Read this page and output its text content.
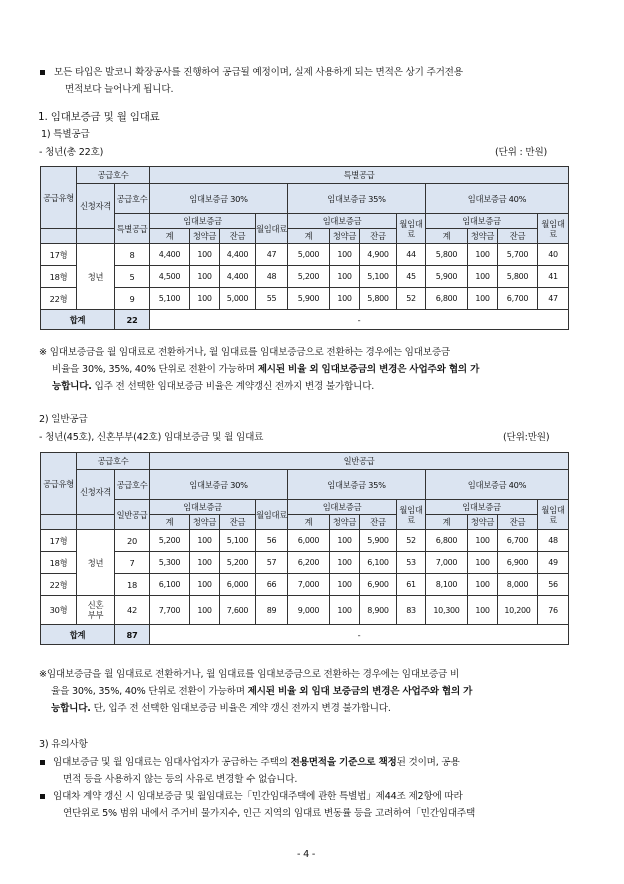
모든 타입은 발코니 확장공사를 진행하여 공급될 예정이며, 실제 사용하게 되는 면적은 상기 주거전용
면적보다 늘어나게 됩니다.
1. 임대보증금 및 월 임대료
1) 특별공급
- 청년(총 22호)	(단위 : 만원)
공급유형	공급호수		특별공급											

	신청자격	공급호수	임대보증금 30%				임대보증금 35%				임대보증금 40%			

		특별공급	임대보증금			월임대료	임대보증금			월임대료	임대보증금			월임대료

			계	청약금	잔금		계	청약금	잔금		계	청약금	잔금	
17형	청년	8	4,400	100	4,400	47	5,000	100	4,900	44	5,800	100	5,700	40
18형		5	4,500	100	4,400	48	5,200	100	5,100	45	5,900	100	5,800	41
22형		9	5,100	100	5,000	55	5,900	100	5,800	52	6,800	100	6,700	47
합계		22	-											
※ 임대보증금을 월 임대료로 전환하거나, 월 임대료를 임대보증금으로 전환하는 경우에는 임대보증금
비율을 30%, 35%, 40% 단위로 전환이 가능하며 제시된 비율 외 임대보증금의 변경은 사업주와 협의 가
능합니다. 입주 전 선택한 임대보증금 비율은 계약갱신 전까지 변경 불가합니다.
2) 일반공급
- 청년(45호), 신혼부부(42호) 임대보증금 및 월 임대료	(단위:만원)
공급유형	공급호수		일반공급											

	신청자격	공급호수	임대보증금 30%				임대보증금 35%				임대보증금 40%			

		일반공급	임대보증금			월임대료	임대보증금			월임대료	임대보증금			월임대료

			계	청약금	잔금		계	청약금	잔금		계	청약금	잔금	
17형	청년	20	5,200	100	5,100	56	6,000	100	5,900	52	6,800	100	6,700	48
18형		7	5,300	100	5,200	57	6,200	100	6,100	53	7,000	100	6,900	49
22형		18	6,100	100	6,000	66	7,000	100	6,900	61	8,100	100	8,000	56
30형	신혼부부	42	7,700	100	7,600	89	9,000	100	8,900	83	10,300	100	10,200	76
합계		87	-											
※임대보증금을 월 임대료로 전환하거나, 월 임대료를 임대보증금으로 전환하는 경우에는 임대보증금 비
율을 30%, 35%, 40% 단위로 전환이 가능하며 제시된 비율 외 임대 보증금의 변경은 사업주와 협의 가
능합니다. 단, 입주 전 선택한 임대보증금 비율은 계약 갱신 전까지 변경 불가합니다.
3) 유의사항
임대보증금 및 월 임대료는 임대사업자가 공급하는 주택의 전용면적을 기준으로 책정된 것이며, 공용
면적 등을 사용하지 않는 등의 사유로 변경할 수 없습니다.
임대차 계약 갱신 시 임대보증금 및 월임대료는「민간임대주택에 관한 특별법」제44조 제2항에 따라
연단위로 5% 범위 내에서 주거비 물가지수, 인근 지역의 임대료 변동률 등을 고려하여「민간임대주택
- 4 -
